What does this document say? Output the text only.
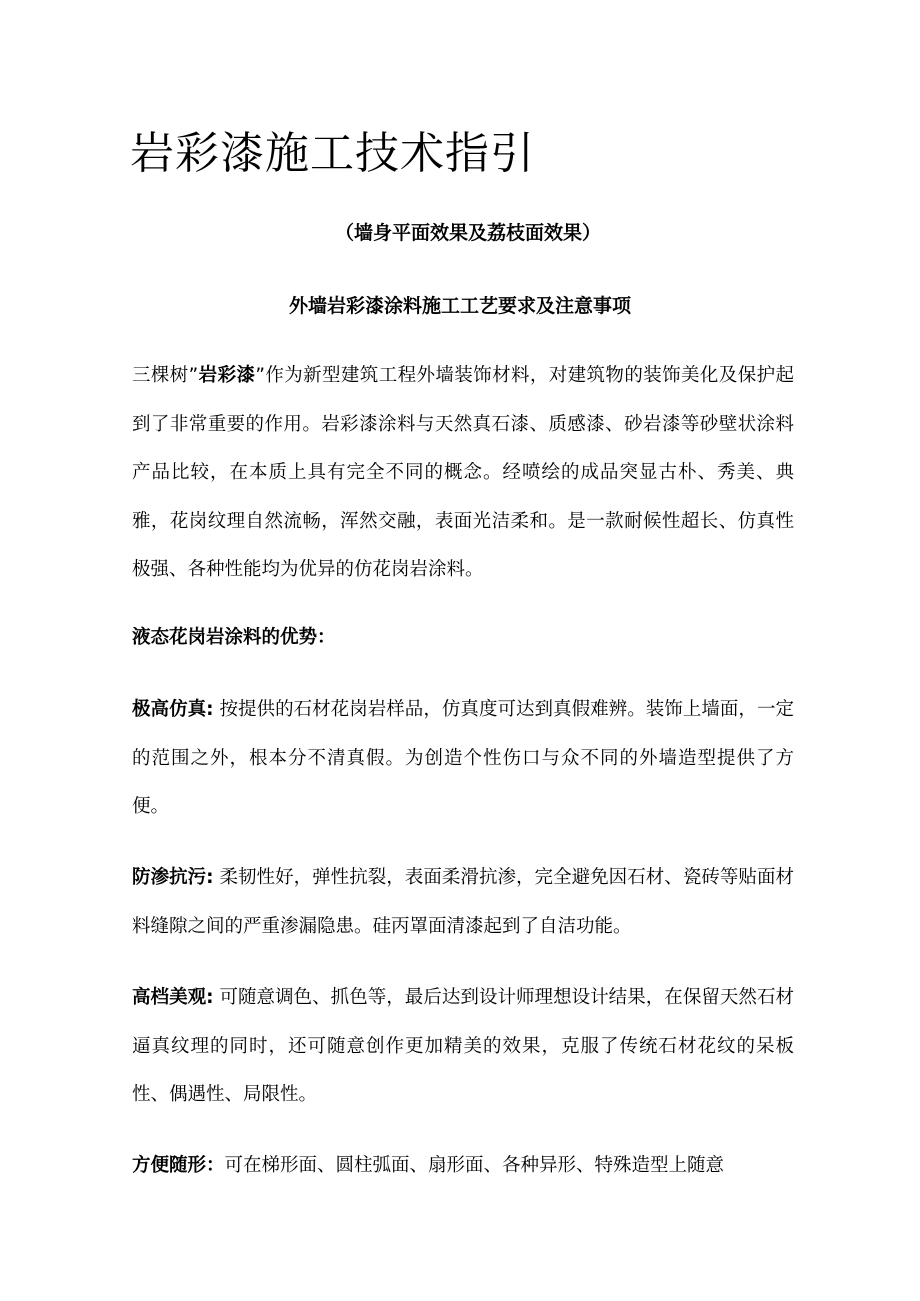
岩彩漆施工技术指引

（墙身平面效果及荔枝面效果）

外墙岩彩漆涂料施工工艺要求及注意事项

三棵树”岩彩漆”作为新型建筑工程外墙装饰材料，对建筑物的装饰美化及保护起到了非常重要的作用。岩彩漆涂料与天然真石漆、质感漆、砂岩漆等砂壁状涂料产品比较，在本质上具有完全不同的概念。经喷绘的成品突显古朴、秀美、典雅，花岗纹理自然流畅，浑然交融，表面光洁柔和。是一款耐候性超长、仿真性极强、各种性能均为优异的仿花岗岩涂料。

液态花岗岩涂料的优势：

极高仿真: 按提供的石材花岗岩样品，仿真度可达到真假难辨。装饰上墙面，一定的范围之外，根本分不清真假。为创造个性伤口与众不同的外墙造型提供了方便。

防渗抗污: 柔韧性好，弹性抗裂，表面柔滑抗渗，完全避免因石材、瓷砖等贴面材料缝隙之间的严重渗漏隐患。硅丙罩面清漆起到了自洁功能。

高档美观: 可随意调色、抓色等，最后达到设计师理想设计结果，在保留天然石材逼真纹理的同时，还可随意创作更加精美的效果，克服了传统石材花纹的呆板性、偶遇性、局限性。

方便随形：可在梯形面、圆柱弧面、扇形面、各种异形、特殊造型上随意
